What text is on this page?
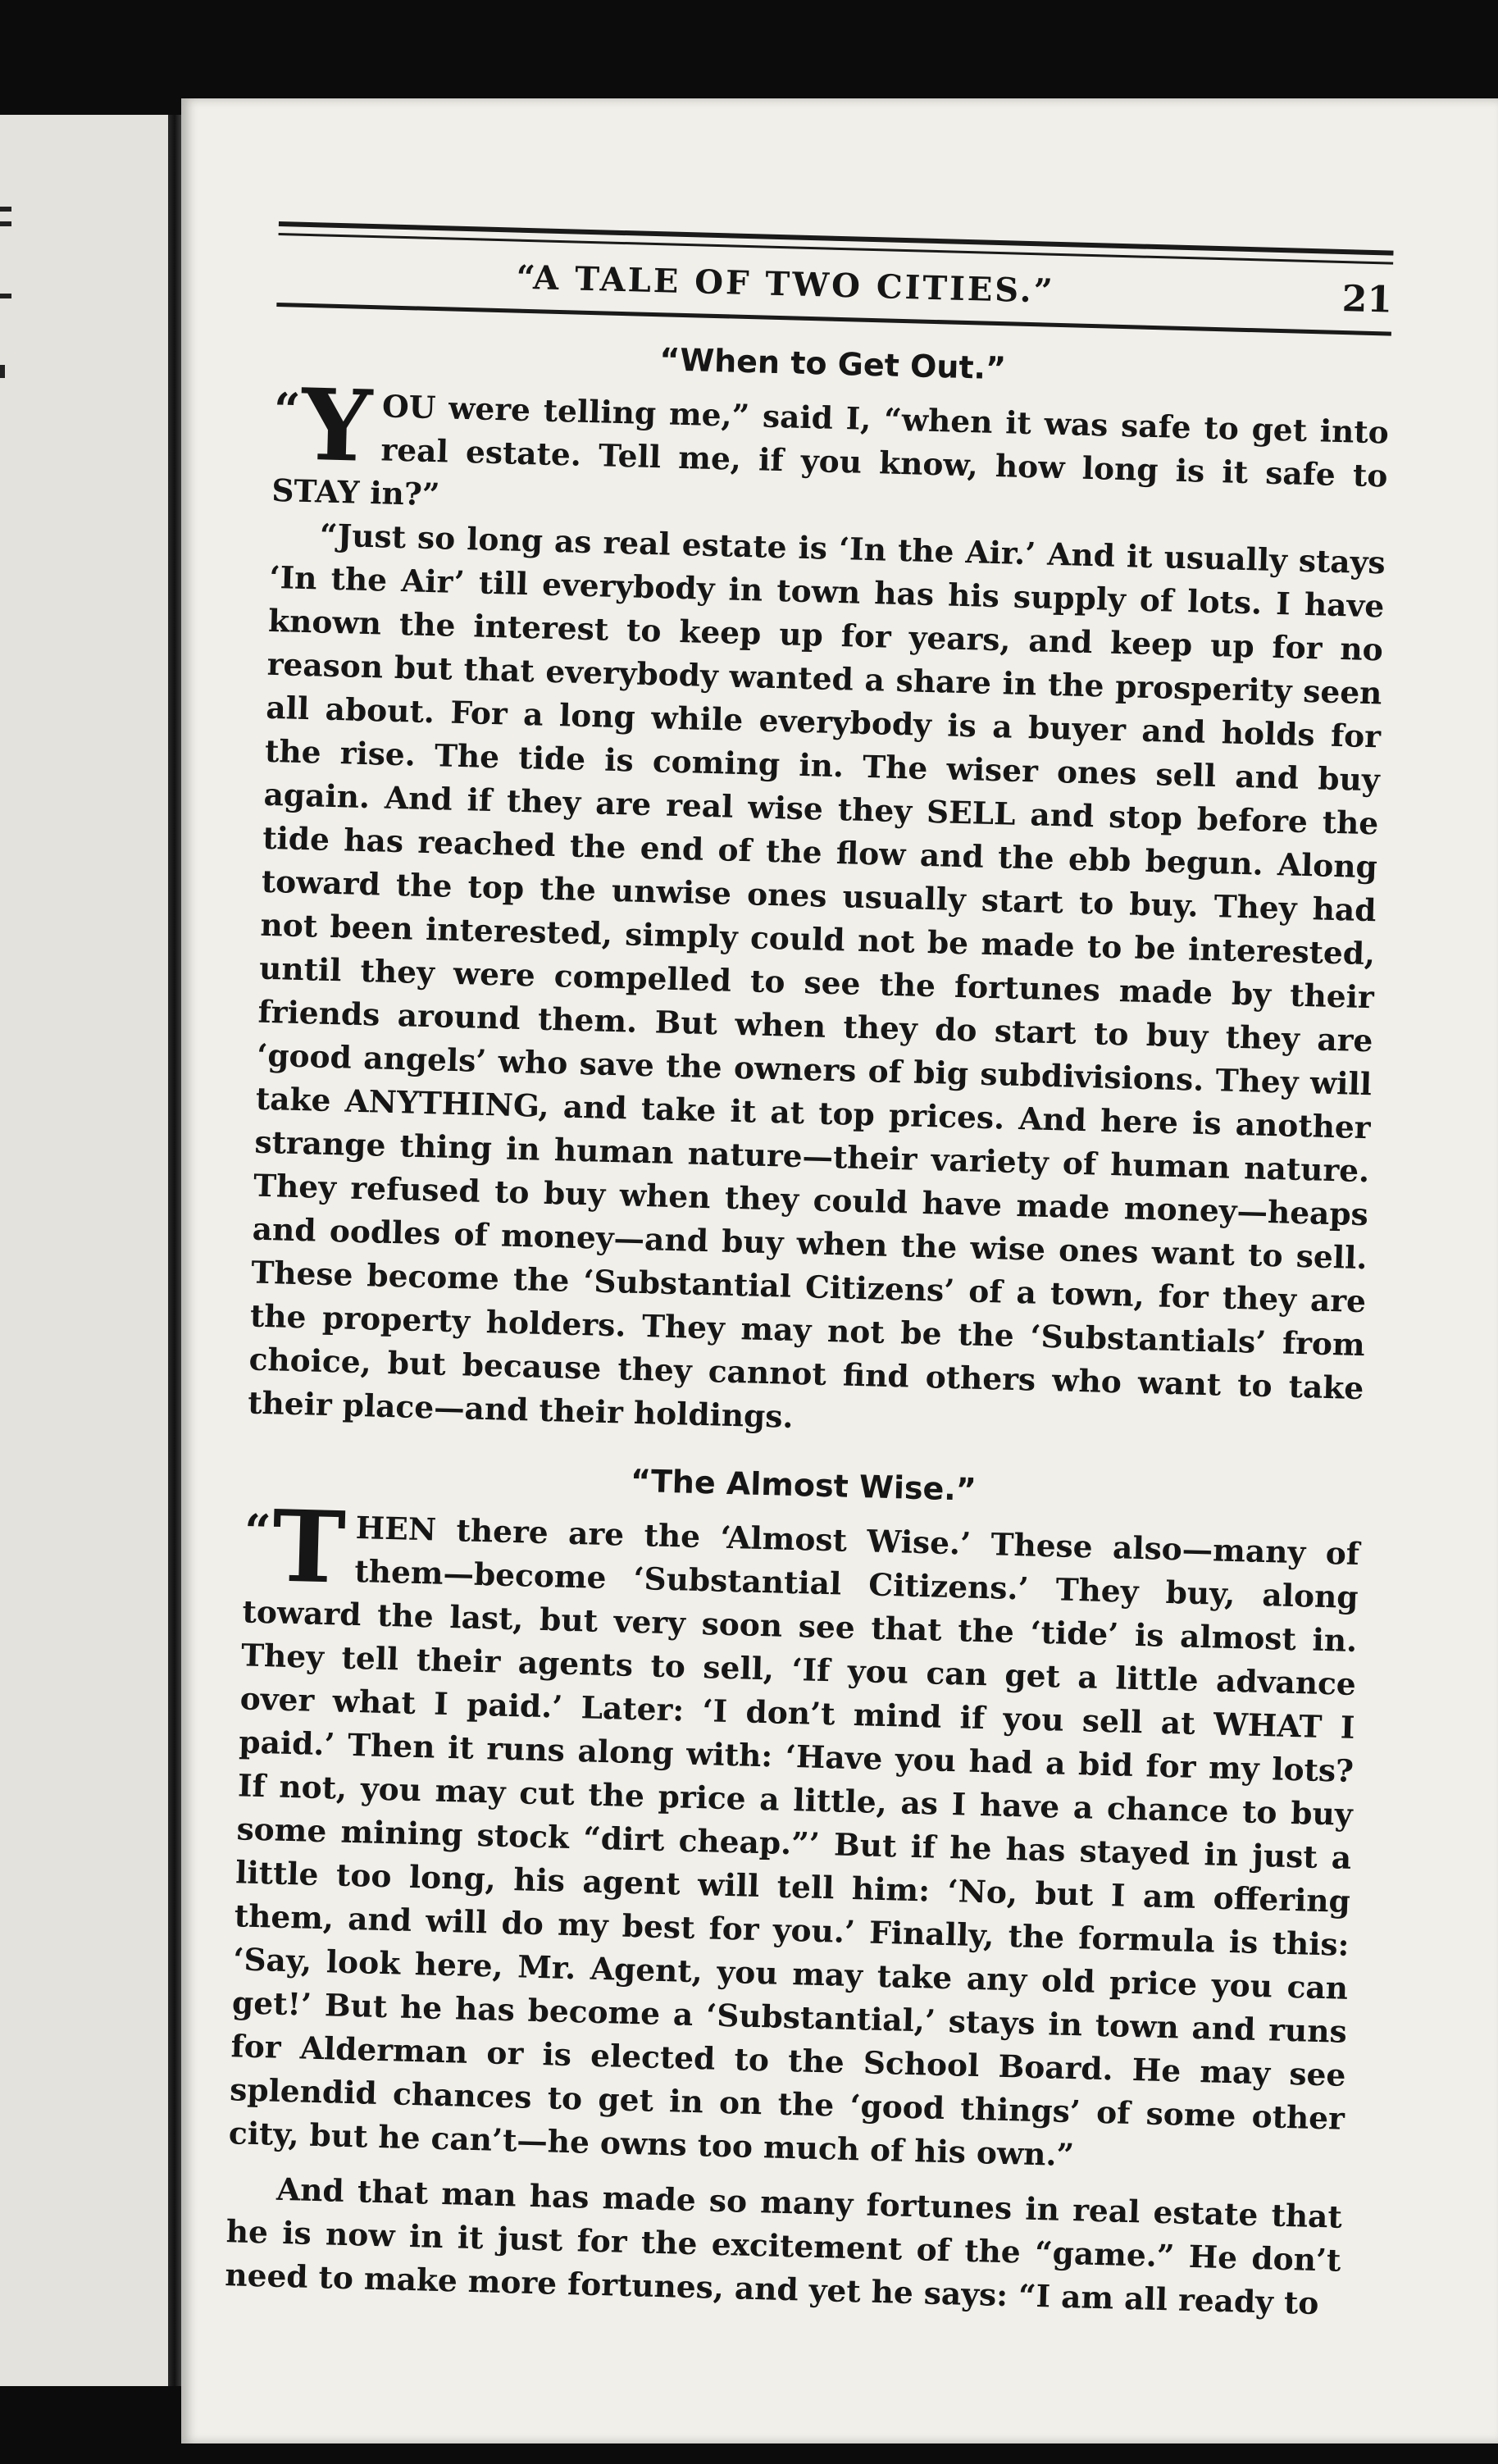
“A TALE OF TWO CITIES.”	21
“When to Get Out.”

“Y OU were telling me,” said I, “when it was safe to get into real estate. Tell me, if you know, how long is it safe to STAY in?”

“Just so long as real estate is ‘In the Air.’ And it usually stays ‘In the Air’ till everybody in town has his supply of lots. I have known the interest to keep up for years, and keep up for no reason but that everybody wanted a share in the prosperity seen all about. For a long while everybody is a buyer and holds for the rise. The tide is coming in. The wiser ones sell and buy again. And if they are real wise they SELL and stop before the tide has reached the end of the flow and the ebb begun. Along toward the top the unwise ones usually start to buy. They had not been interested, simply could not be made to be interested, until they were compelled to see the fortunes made by their friends around them. But when they do start to buy they are ‘good angels’ who save the owners of big subdivisions. They will take ANYTHING, and take it at top prices. And here is another strange thing in human nature—their variety of human nature. They refused to buy when they could have made money—heaps and oodles of money—and buy when the wise ones want to sell. These become the ‘Substantial Citizens’ of a town, for they are the property holders. They may not be the ‘Substantials’ from choice, but because they cannot find others who want to take their place—and their holdings.

“The Almost Wise.”

“T HEN there are the ‘Almost Wise.’ These also—many of them—become ‘Substantial Citizens.’ They buy, along toward the last, but very soon see that the ‘tide’ is almost in. They tell their agents to sell, ‘If you can get a little advance over what I paid.’ Later: ‘I don’t mind if you sell at WHAT I paid.’ Then it runs along with: ‘Have you had a bid for my lots? If not, you may cut the price a little, as I have a chance to buy some mining stock “dirt cheap.”’ But if he has stayed in just a little too long, his agent will tell him: ‘No, but I am offering them, and will do my best for you.’ Finally, the formula is this: ‘Say, look here, Mr. Agent, you may take any old price you can get!’ But he has become a ‘Substantial,’ stays in town and runs for Alderman or is elected to the School Board. He may see splendid chances to get in on the ‘good things’ of some other city, but he can’t—he owns too much of his own.”

And that man has made so many fortunes in real estate that he is now in it just for the excitement of the “game.” He don’t need to make more fortunes, and yet he says: “I am all ready to
